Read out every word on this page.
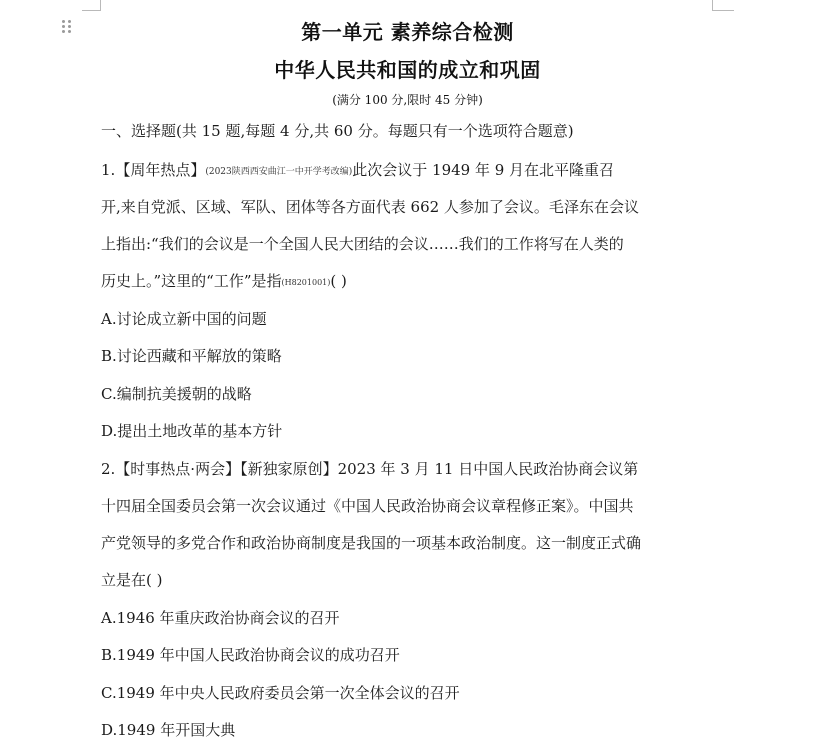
第一单元 素养综合检测
中华人民共和国的成立和巩固
(满分 100 分,限时 45 分钟)
一、选择题(共 15 题,每题 4 分,共 60 分。每题只有一个选项符合题意)
1.【周年热点】(2023陕西西安曲江一中开学考改编)此次会议于 1949 年 9 月在北平隆重召
开,来自党派、区域、军队、团体等各方面代表 662 人参加了会议。毛泽东在会议
上指出:“我们的会议是一个全国人民大团结的会议……我们的工作将写在人类的
历史上。”这里的“工作”是指(H8201001)( )
A.讨论成立新中国的问题
B.讨论西藏和平解放的策略
C.编制抗美援朝的战略
D.提出土地改革的基本方针
2.【时事热点·两会】【新独家原创】2023 年 3 月 11 日中国人民政治协商会议第
十四届全国委员会第一次会议通过《中国人民政治协商会议章程修正案》。中国共
产党领导的多党合作和政治协商制度是我国的一项基本政治制度。这一制度正式确
立是在( )
A.1946 年重庆政治协商会议的召开
B.1949 年中国人民政治协商会议的成功召开
C.1949 年中央人民政府委员会第一次全体会议的召开
D.1949 年开国大典
